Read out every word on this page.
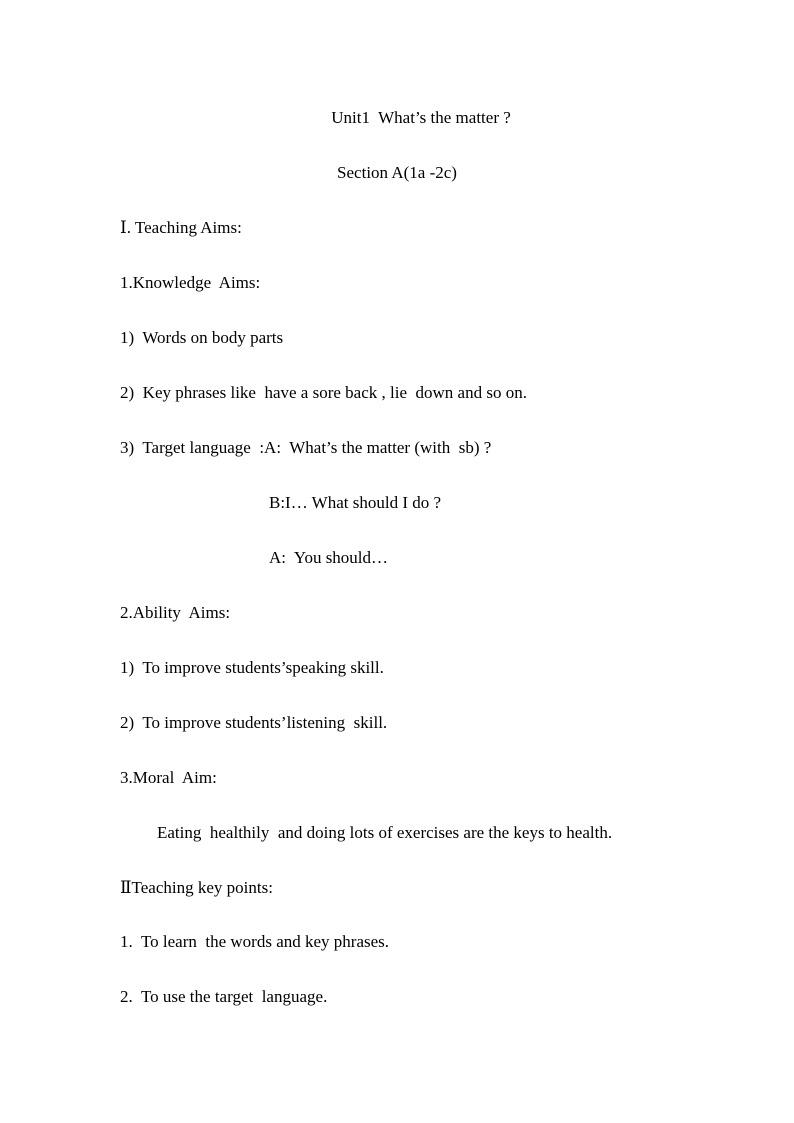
Unit1  What’s the matter ?
Section A(1a -2c)
Ⅰ. Teaching Aims:
1.Knowledge  Aims:
1)  Words on body parts
2)  Key phrases like  have a sore back , lie  down and so on.
3)  Target language  :A:  What’s the matter (with  sb) ?
B:I… What should I do ?
A:  You should…
2.Ability  Aims:
1)  To improve students’speaking skill.
2)  To improve students’listening  skill.
3.Moral  Aim:
Eating  healthily  and doing lots of exercises are the keys to health.
ⅡTeaching key points:
1.  To learn  the words and key phrases.
2.  To use the target  language.
